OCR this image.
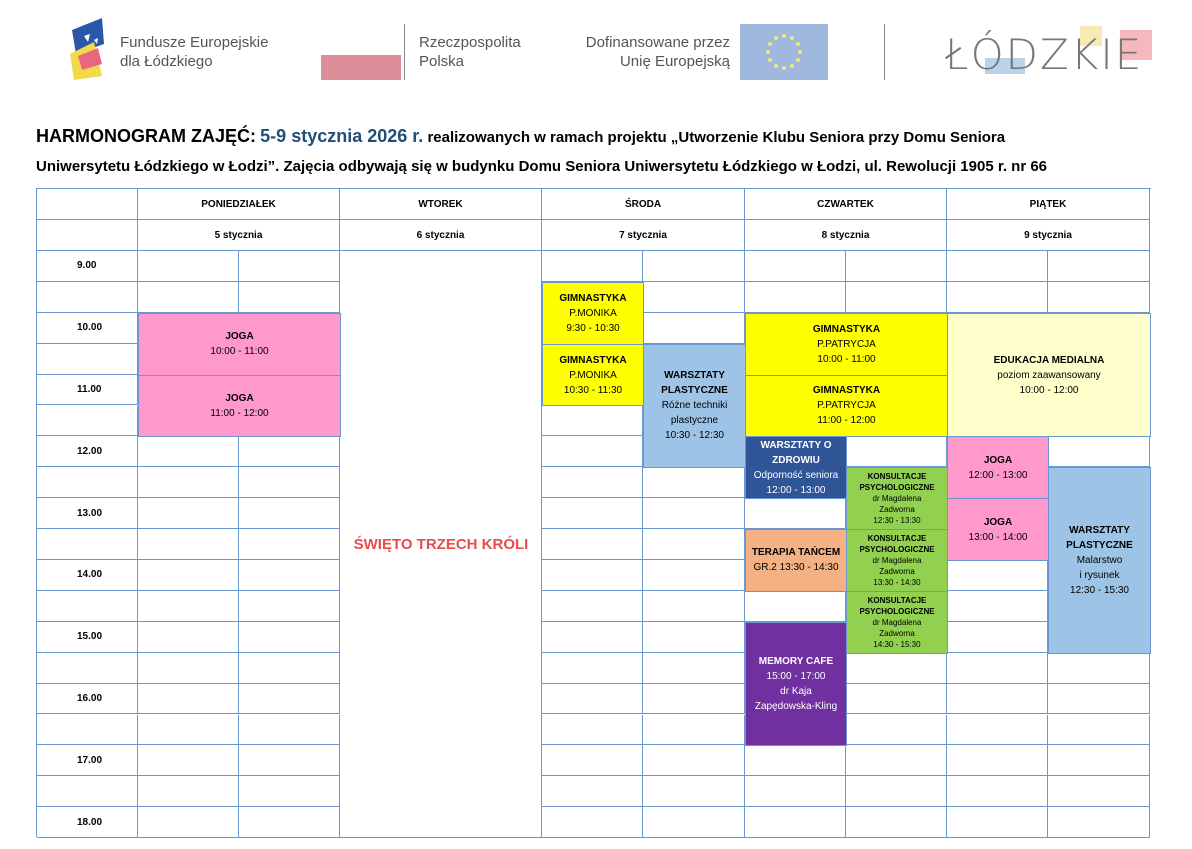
Fundusze Europejskie
dla Łódzkiego
Rzeczpospolita
Polska
Dofinansowane przez
Unię Europejską	ŁÓDZKIE
HARMONOGRAM ZAJĘĆ: 5-9 stycznia 2026 r. realizowanych w ramach projektu „Utworzenie Klubu Seniora przy Domu Seniora
Uniwersytetu Łódzkiego w Łodzi”. Zajęcia odbywają się w budynku Domu Seniora Uniwersytetu Łódzkiego w Łodzi, ul. Rewolucji 1905 r. nr 66
PONIEDZIAŁEK
5 stycznia
WTOREK
6 stycznia
ŚRODA
7 stycznia
CZWARTEK
8 stycznia
PIĄTEK
9 stycznia
9.00
10.00
11.00
12.00
13.00
14.00
15.00
16.00
17.00
18.00
ŚWIĘTO TRZECH KRÓLI
JOGA
10:00 - 11:00
JOGA
11:00 - 12:00
GIMNASTYKA
P.MONIKA
9:30 - 10:30
GIMNASTYKA
P.MONIKA
10:30 - 11:30
WARSZTATY PLASTYCZNE
Różne techniki
plastyczne
10:30 - 12:30
GIMNASTYKA
P.PATRYCJA
10:00 - 11:00
GIMNASTYKA
P.PATRYCJA
11:00 - 12:00
WARSZTATY O ZDROWIU
Odporność seniora
12:00 - 13:00
KONSULTACJE PSYCHOLOGICZNE
dr Magdalena
Zadworna
12:30 - 13:30
KONSULTACJE PSYCHOLOGICZNE
dr Magdalena
Zadworna
13:30 - 14:30
KONSULTACJE PSYCHOLOGICZNE
dr Magdalena
Zadworna
14:30 - 15:30
TERAPIA TAŃCEM
GR.2 13:30 - 14:30
MEMORY CAFE
15:00 - 17:00
dr Kaja
Zapędowska-Kling
EDUKACJA MEDIALNA
poziom zaawansowany
10:00 - 12:00
JOGA
12:00 - 13:00
JOGA
13:00 - 14:00
WARSZTATY PLASTYCZNE
Malarstwo
i rysunek
12:30 - 15:30
